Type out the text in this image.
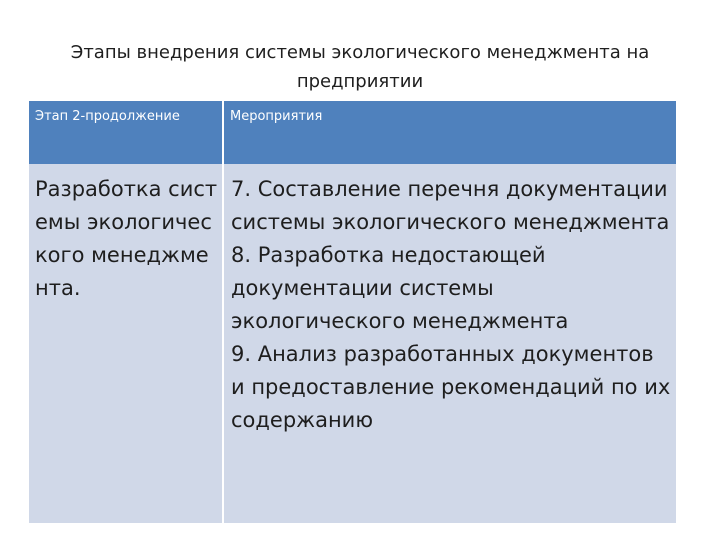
Этапы внедрения системы экологического менеджмента на предприятии
Этап 2-продолжение	Мероприятия
Разработка системы экологического менеджмента.
7. Составление перечня документации системы экологического менеджмента
8. Разработка недостающей документации системы экологического менеджмента
9. Анализ разработанных документов и предоставление рекомендаций по их содержанию
